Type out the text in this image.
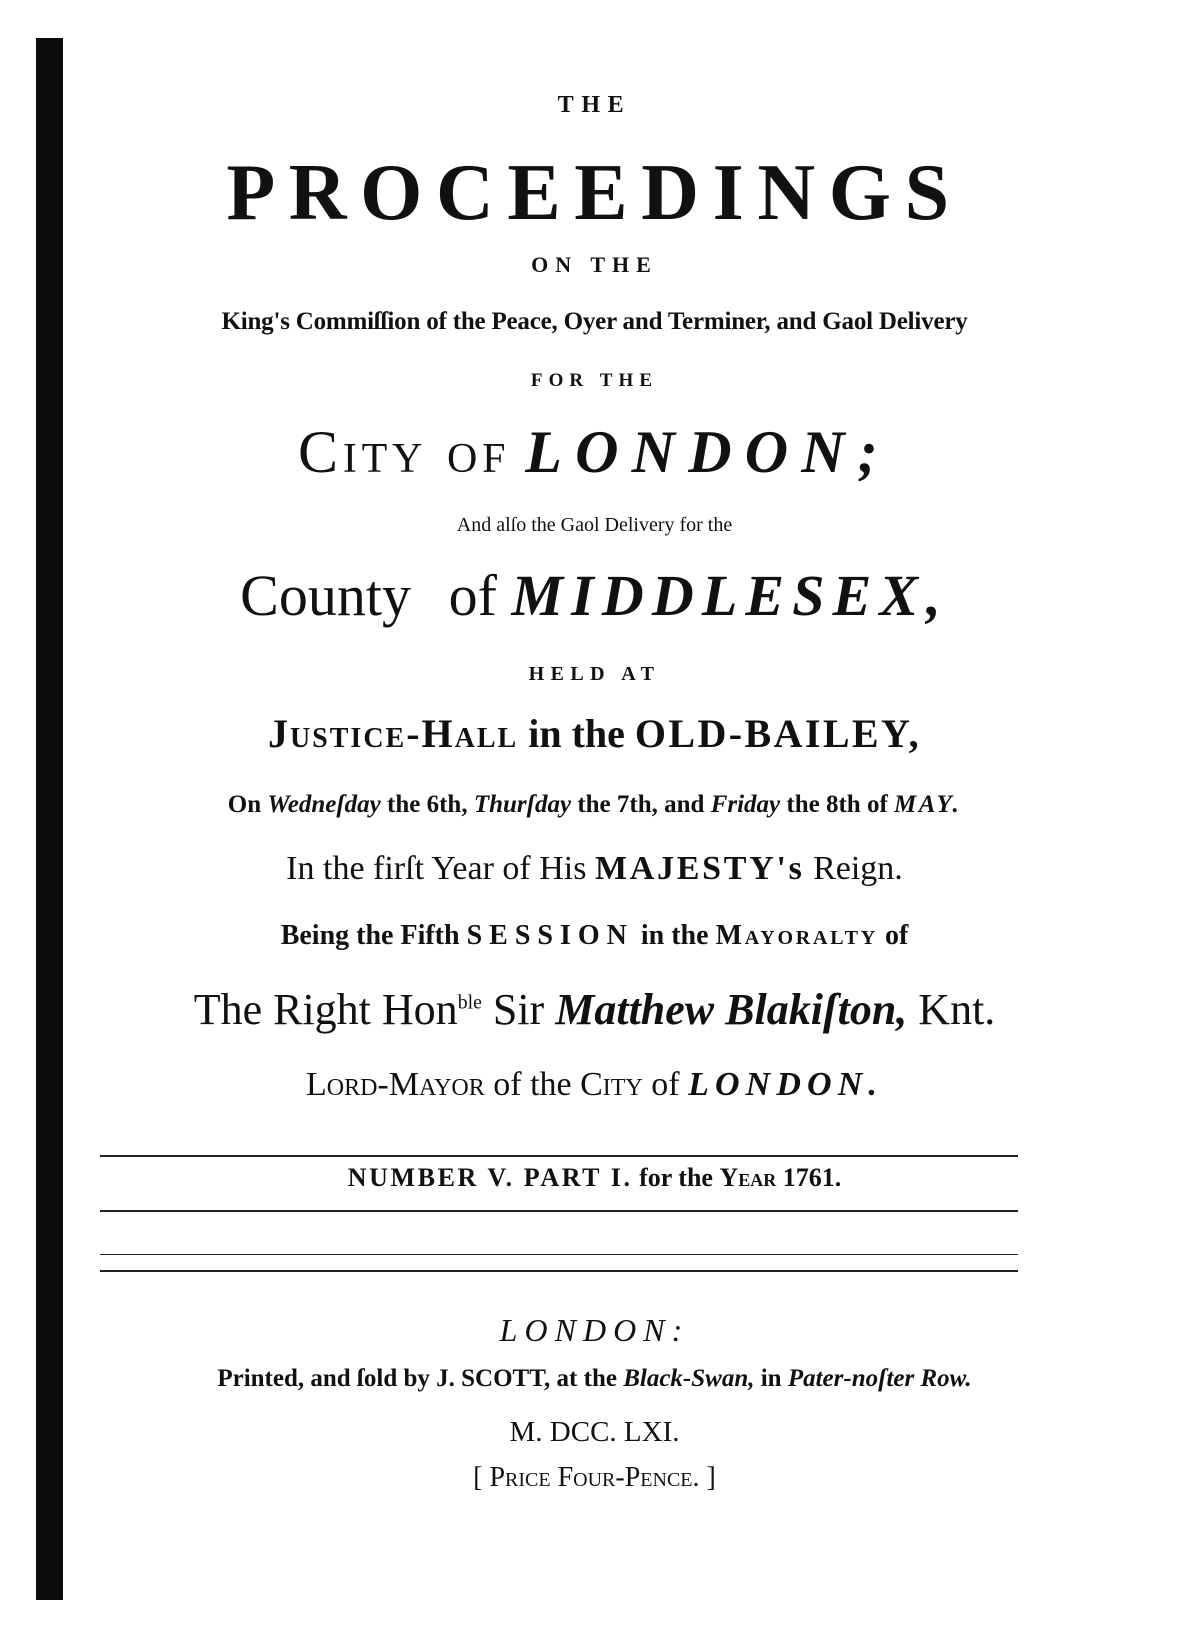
THE
PROCEEDINGS
ON THE
King's Commiſſion of the Peace, Oyer and Terminer, and Gaol Delivery
FOR THE
City of LONDON;
And alſo the Gaol Delivery for the
County of MIDDLESEX,
HELD AT
Justice-Hall in the OLD-BAILEY,
On Wedneſday the 6th, Thurſday the 7th, and Friday the 8th of MAY.
In the firſt Year of His MAJESTY's Reign.
Being the Fifth SESSION in the Mayoralty of
The Right Hon$^{ble}$ Sir Matthew Blakiſton, Knt.
Lord-Mayor of the City of LONDON.
NUMBER V. PART I. for the Year 1761.
LONDON:
Printed, and ſold by J. SCOTT, at the Black-Swan, in Pater-noſter Row.
M. DCC. LXI.
[ Price Four-Pence. ]
